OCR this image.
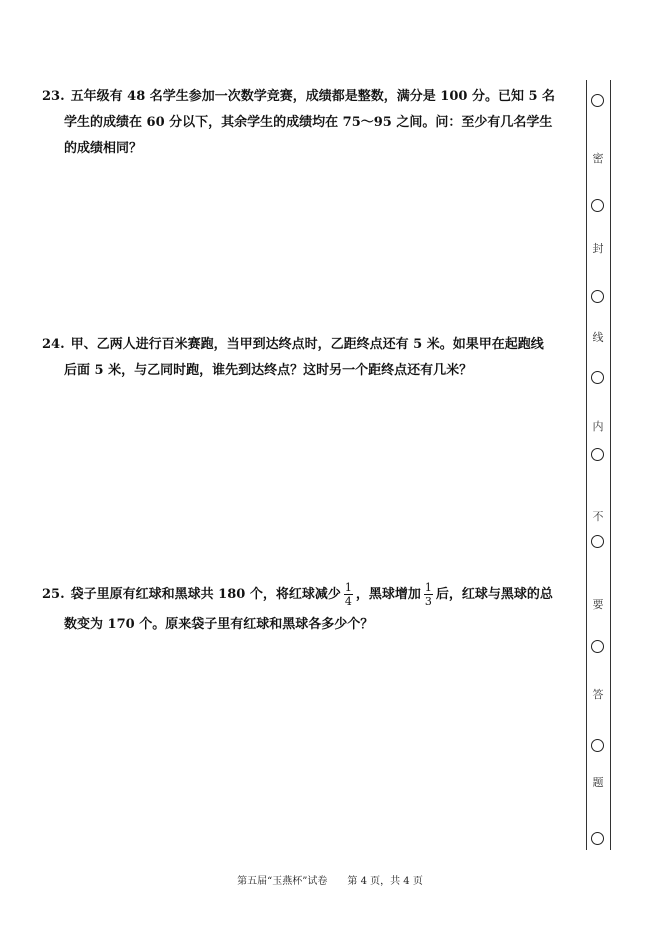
23. 五年级有 48 名学生参加一次数学竞赛，成绩都是整数，满分是 100 分。已知 5 名
学生的成绩在 60 分以下，其余学生的成绩均在 75～95 之间。问：至少有几名学生
的成绩相同？
24. 甲、乙两人进行百米赛跑，当甲到达终点时，乙距终点还有 5 米。如果甲在起跑线
后面 5 米，与乙同时跑，谁先到达终点？这时另一个距终点还有几米？
25. 袋子里原有红球和黑球共 180 个，将红球减少 $\frac{1}{4}$ ，黑球增加 $\frac{1}{3}$ 后，红球与黑球的总
数变为 170 个。原来袋子里有红球和黑球各多少个？
密
封
线
内
不
要
答
题
第五届“玉燕杯”试卷 第 4 页，共 4 页
